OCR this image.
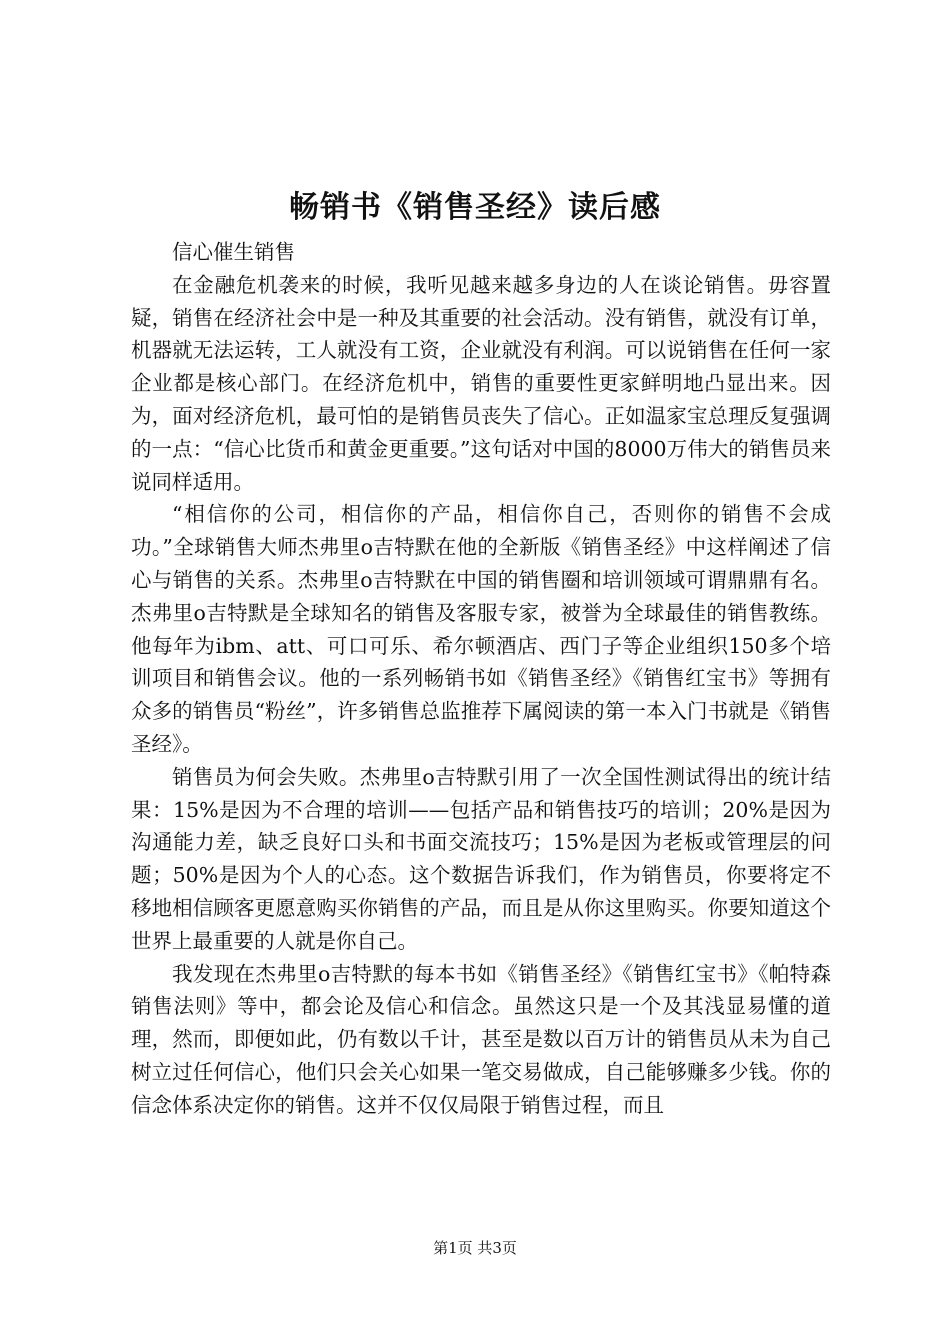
畅销书《销售圣经》读后感

信心催生销售

在金融危机袭来的时候，我听见越来越多身边的人在谈论销售。毋容置疑，销售在经济社会中是一种及其重要的社会活动。没有销售，就没有订单，机器就无法运转，工人就没有工资，企业就没有利润。可以说销售在任何一家企业都是核心部门。在经济危机中，销售的重要性更家鲜明地凸显出来。因为，面对经济危机，最可怕的是销售员丧失了信心。正如温家宝总理反复强调的一点：“信心比货币和黄金更重要。”这句话对中国的8000万伟大的销售员来说同样适用。

“相信你的公司，相信你的产品，相信你自己，否则你的销售不会成功。”全球销售大师杰弗里o吉特默在他的全新版《销售圣经》中这样阐述了信心与销售的关系。杰弗里o吉特默在中国的销售圈和培训领域可谓鼎鼎有名。杰弗里o吉特默是全球知名的销售及客服专家，被誉为全球最佳的销售教练。他每年为ibm、att、可口可乐、希尔顿酒店、西门子等企业组织150多个培训项目和销售会议。他的一系列畅销书如《销售圣经》《销售红宝书》等拥有众多的销售员“粉丝”，许多销售总监推荐下属阅读的第一本入门书就是《销售圣经》。

销售员为何会失败。杰弗里o吉特默引用了一次全国性测试得出的统计结果：15%是因为不合理的培训——包括产品和销售技巧的培训；20%是因为沟通能力差，缺乏良好口头和书面交流技巧；15%是因为老板或管理层的问题；50%是因为个人的心态。这个数据告诉我们，作为销售员，你要将定不移地相信顾客更愿意购买你销售的产品，而且是从你这里购买。你要知道这个世界上最重要的人就是你自己。

我发现在杰弗里o吉特默的每本书如《销售圣经》《销售红宝书》《帕特森销售法则》等中，都会论及信心和信念。虽然这只是一个及其浅显易懂的道理，然而，即便如此，仍有数以千计，甚至是数以百万计的销售员从未为自己树立过任何信心，他们只会关心如果一笔交易做成，自己能够赚多少钱。你的信念体系决定你的销售。这并不仅仅局限于销售过程，而且

第1页 共3页
